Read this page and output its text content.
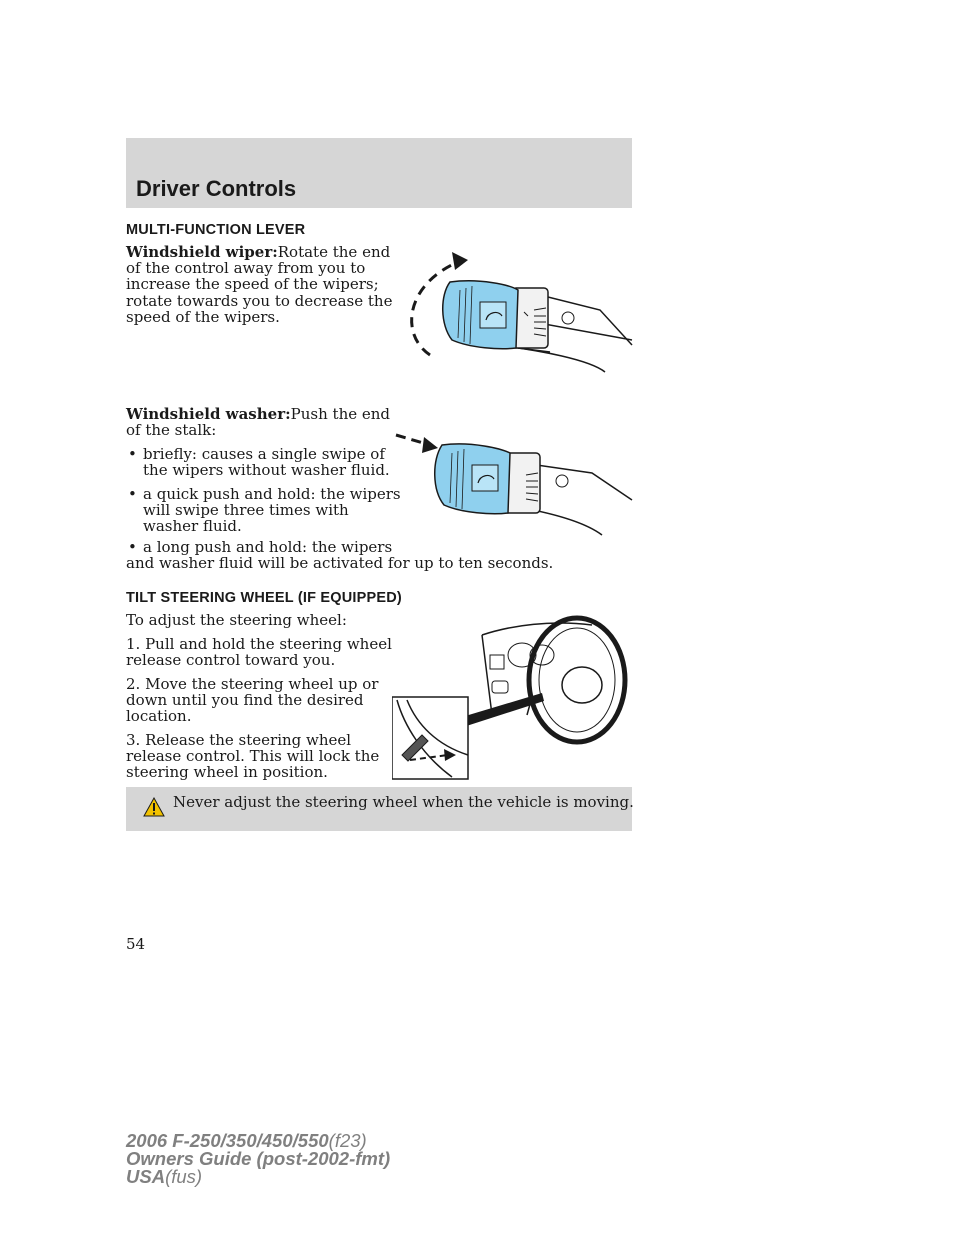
Driver Controls
MULTI-FUNCTION LEVER
Windshield wiper:Rotate the end
of the control away from you to
increase the speed of the wipers;
rotate towards you to decrease the
speed of the wipers.
Windshield washer:Push the end
of the stalk:
• briefly: causes a single swipe of
the wipers without washer fluid.
• a quick push and hold: the wipers
will swipe three times with
washer fluid.
• a long push and hold: the wipers
and washer fluid will be activated for up to ten seconds.
TILT STEERING WHEEL (IF EQUIPPED)
To adjust the steering wheel:
1. Pull and hold the steering wheel
release control toward you.
2. Move the steering wheel up or
down until you find the desired
location.
3. Release the steering wheel
release control. This will lock the
steering wheel in position.
Never adjust the steering wheel when the vehicle is moving.
54
2006 F-250/350/450/550(f23)
Owners Guide (post-2002-fmt)
USA(fus)
